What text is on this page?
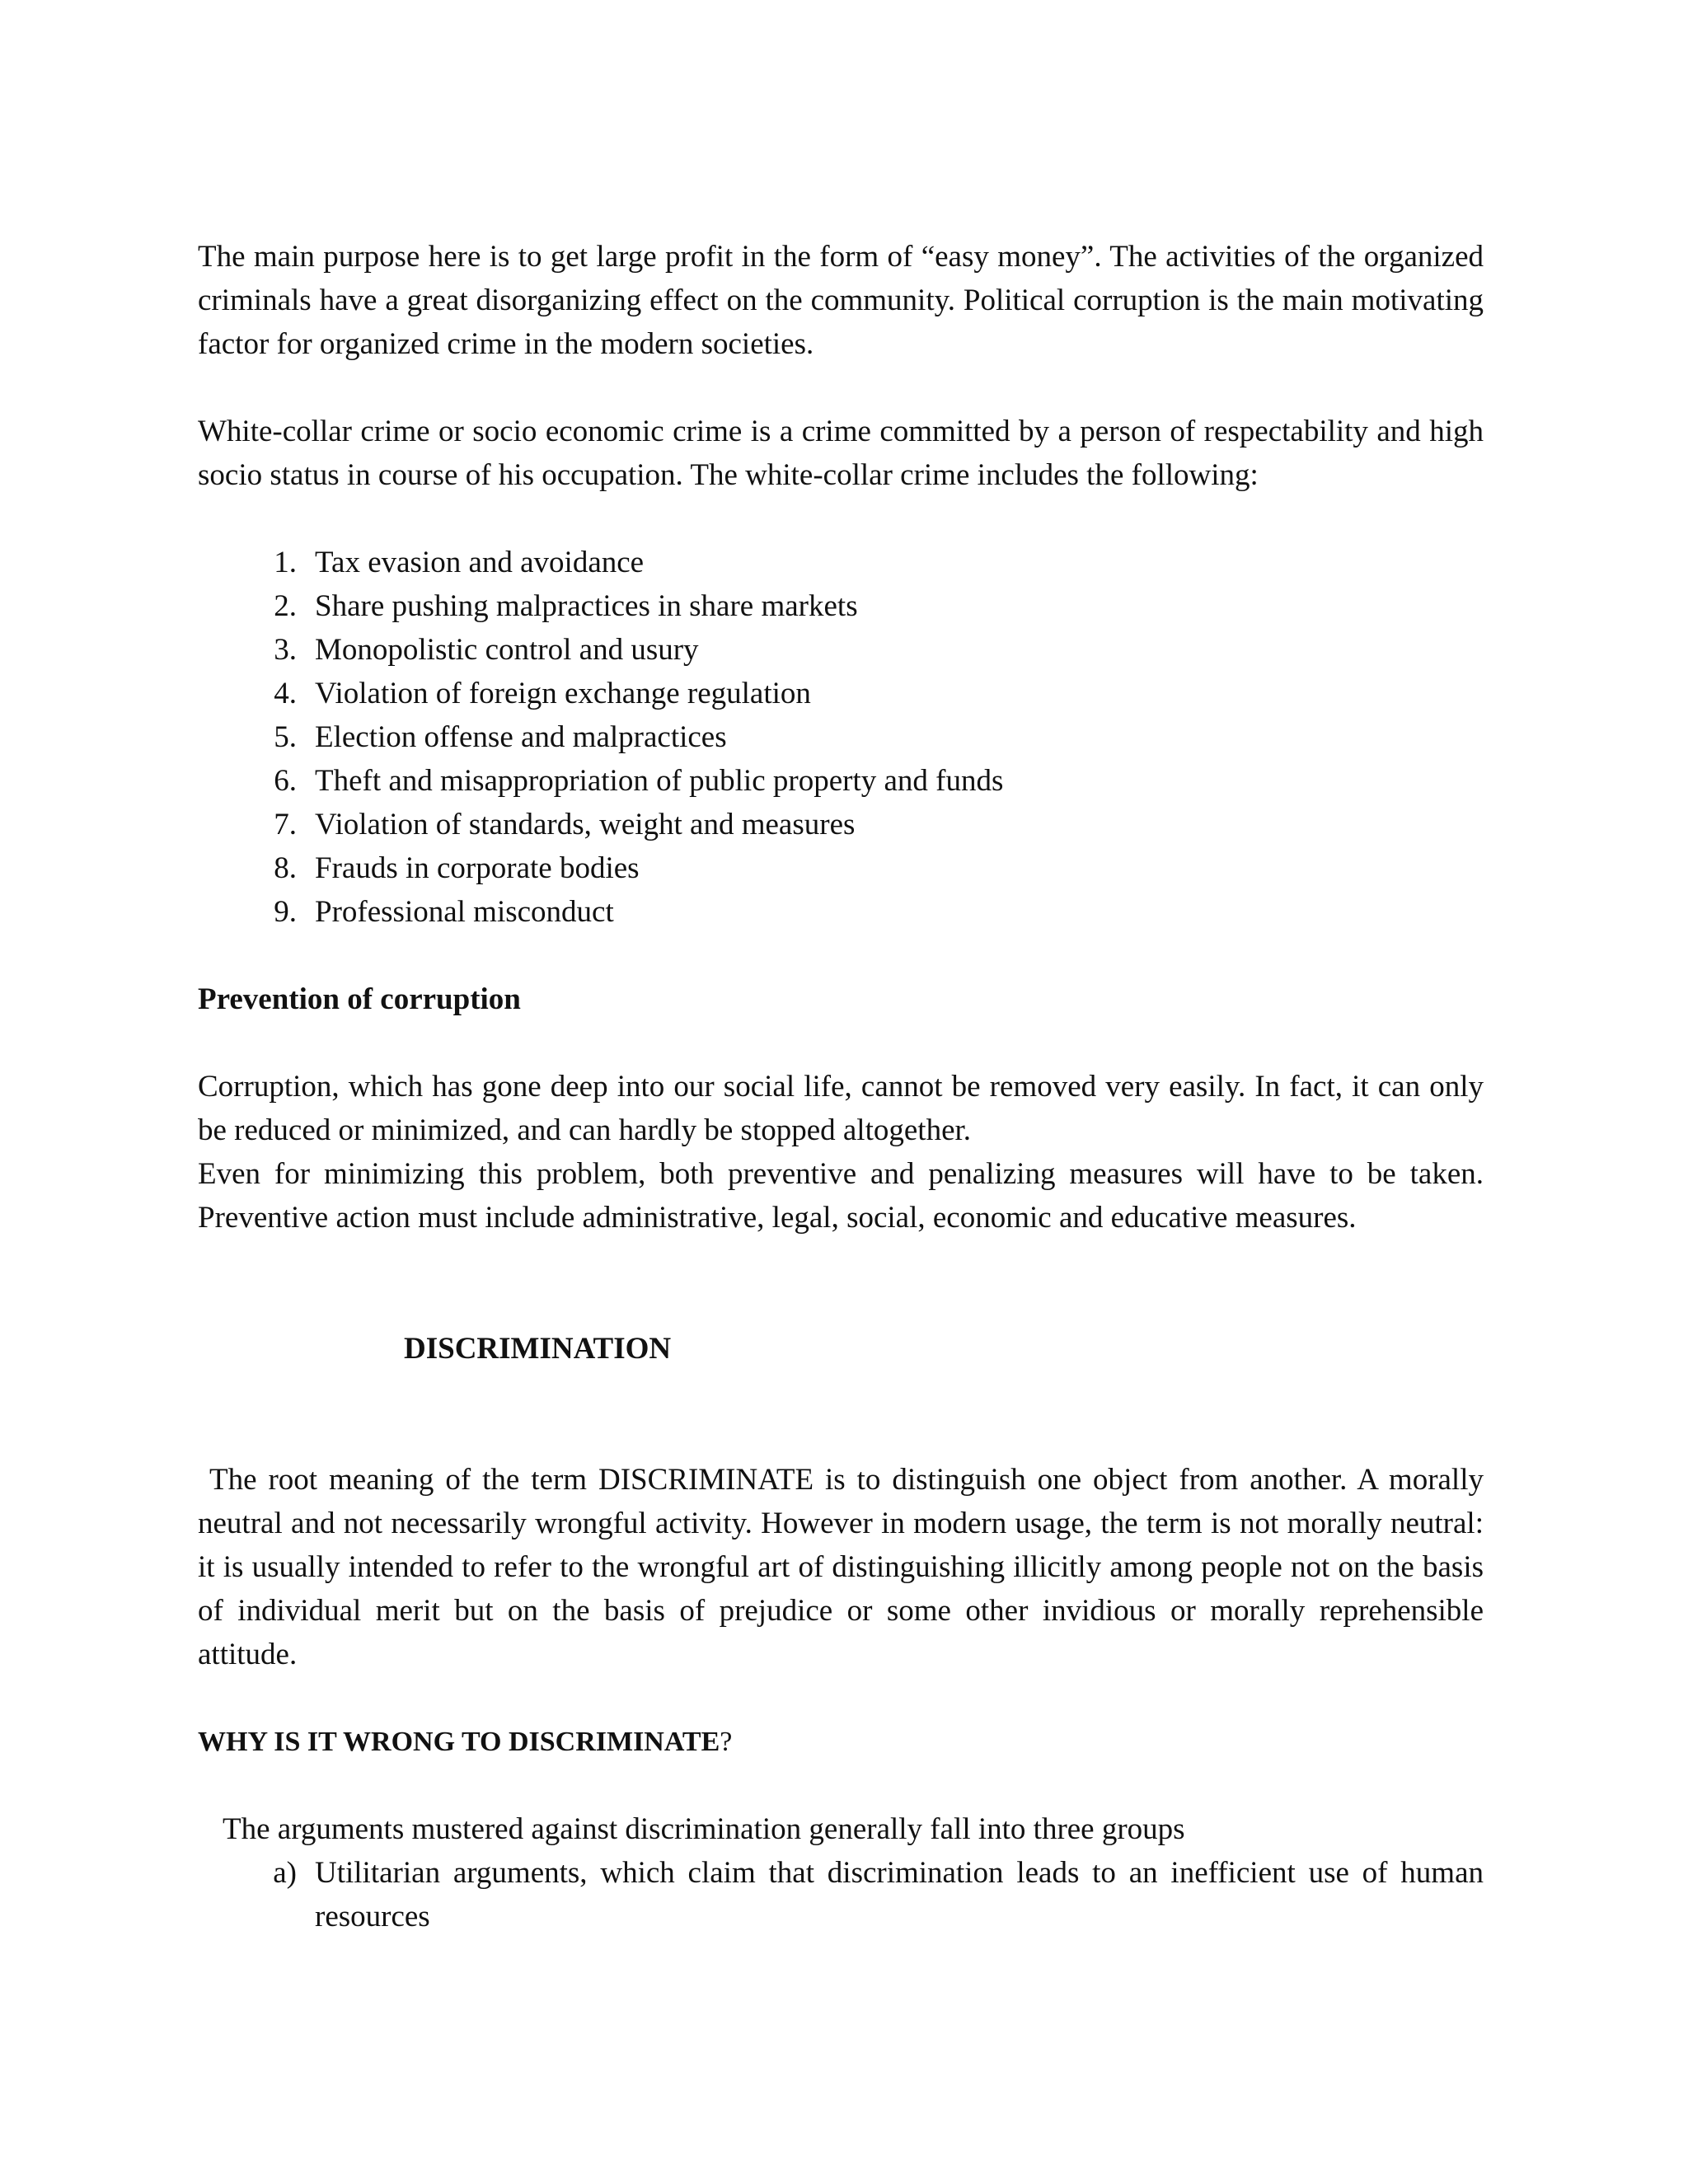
The main purpose here is to get large profit in the form of “easy money”. The activities of the organized criminals have a great disorganizing effect on the community. Political corruption is the main motivating factor for organized crime in the modern societies.

White-collar crime or socio economic crime is a crime committed by a person of respectability and high socio status in course of his occupation. The white-collar crime includes the following:

1. Tax evasion and avoidance
2. Share pushing malpractices in share markets
3. Monopolistic control and usury
4. Violation of foreign exchange regulation
5. Election offense and malpractices
6. Theft and misappropriation of public property and funds
7. Violation of standards, weight and measures
8. Frauds in corporate bodies
9. Professional misconduct

Prevention of corruption

Corruption, which has gone deep into our social life, cannot be removed very easily. In fact, it can only be reduced or minimized, and can hardly be stopped altogether.

Even for minimizing this problem, both preventive and penalizing measures will have to be taken. Preventive action must include administrative, legal, social, economic and educative measures.

DISCRIMINATION

The root meaning of the term DISCRIMINATE is to distinguish one object from another. A morally neutral and not necessarily wrongful activity. However in modern usage, the term is not morally neutral: it is usually intended to refer to the wrongful art of distinguishing illicitly among people not on the basis of individual merit but on the basis of prejudice or some other invidious or morally reprehensible attitude.

WHY IS IT WRONG TO DISCRIMINATE?

The arguments mustered against discrimination generally fall into three groups

a) Utilitarian arguments, which claim that discrimination leads to an inefficient use of human resources
